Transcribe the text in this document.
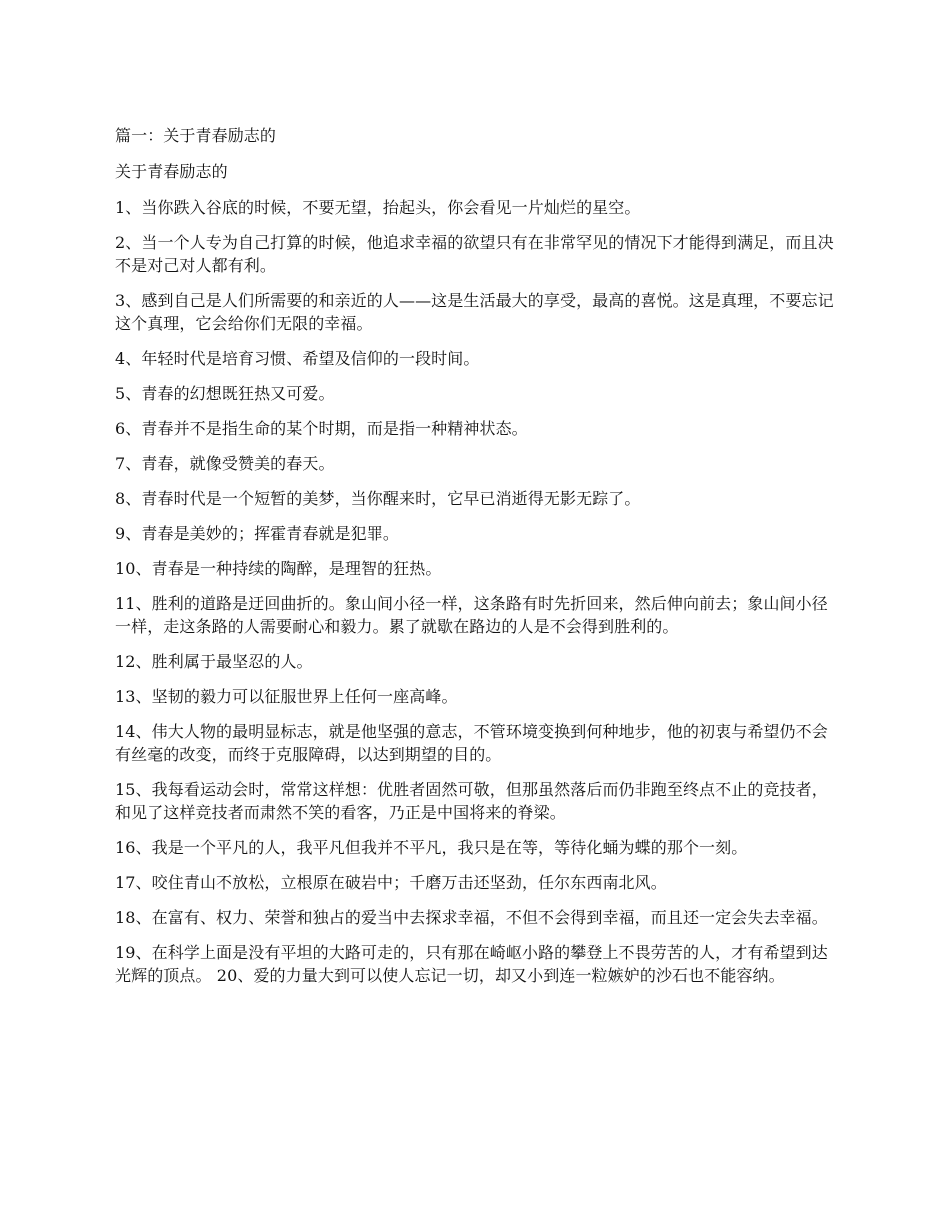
篇一：关于青春励志的

关于青春励志的

1、当你跌入谷底的时候，不要无望，抬起头，你会看见一片灿烂的星空。

2、当一个人专为自己打算的时候，他追求幸福的欲望只有在非常罕见的情况下才能得到满足，而且决不是对己对人都有利。

3、感到自己是人们所需要的和亲近的人——这是生活最大的享受，最高的喜悦。这是真理，不要忘记这个真理，它会给你们无限的幸福。

4、年轻时代是培育习惯、希望及信仰的一段时间。

5、青春的幻想既狂热又可爱。

6、青春并不是指生命的某个时期，而是指一种精神状态。

7、青春，就像受赞美的春天。

8、青春时代是一个短暂的美梦，当你醒来时，它早已消逝得无影无踪了。

9、青春是美妙的；挥霍青春就是犯罪。

10、青春是一种持续的陶醉，是理智的狂热。

11、胜利的道路是迂回曲折的。象山间小径一样，这条路有时先折回来，然后伸向前去；象山间小径一样，走这条路的人需要耐心和毅力。累了就歇在路边的人是不会得到胜利的。

12、胜利属于最坚忍的人。

13、坚韧的毅力可以征服世界上任何一座高峰。

14、伟大人物的最明显标志，就是他坚强的意志，不管环境变换到何种地步，他的初衷与希望仍不会有丝毫的改变，而终于克服障碍，以达到期望的目的。

15、我每看运动会时，常常这样想：优胜者固然可敬，但那虽然落后而仍非跑至终点不止的竞技者，和见了这样竞技者而肃然不笑的看客，乃正是中国将来的脊梁。

16、我是一个平凡的人，我平凡但我并不平凡，我只是在等，等待化蛹为蝶的那个一刻。

17、咬住青山不放松，立根原在破岩中；千磨万击还坚劲，任尔东西南北风。

18、在富有、权力、荣誉和独占的爱当中去探求幸福，不但不会得到幸福，而且还一定会失去幸福。

19、在科学上面是没有平坦的大路可走的，只有那在崎岖小路的攀登上不畏劳苦的人，才有希望到达光辉的顶点。 20、爱的力量大到可以使人忘记一切，却又小到连一粒嫉妒的沙石也不能容纳。
